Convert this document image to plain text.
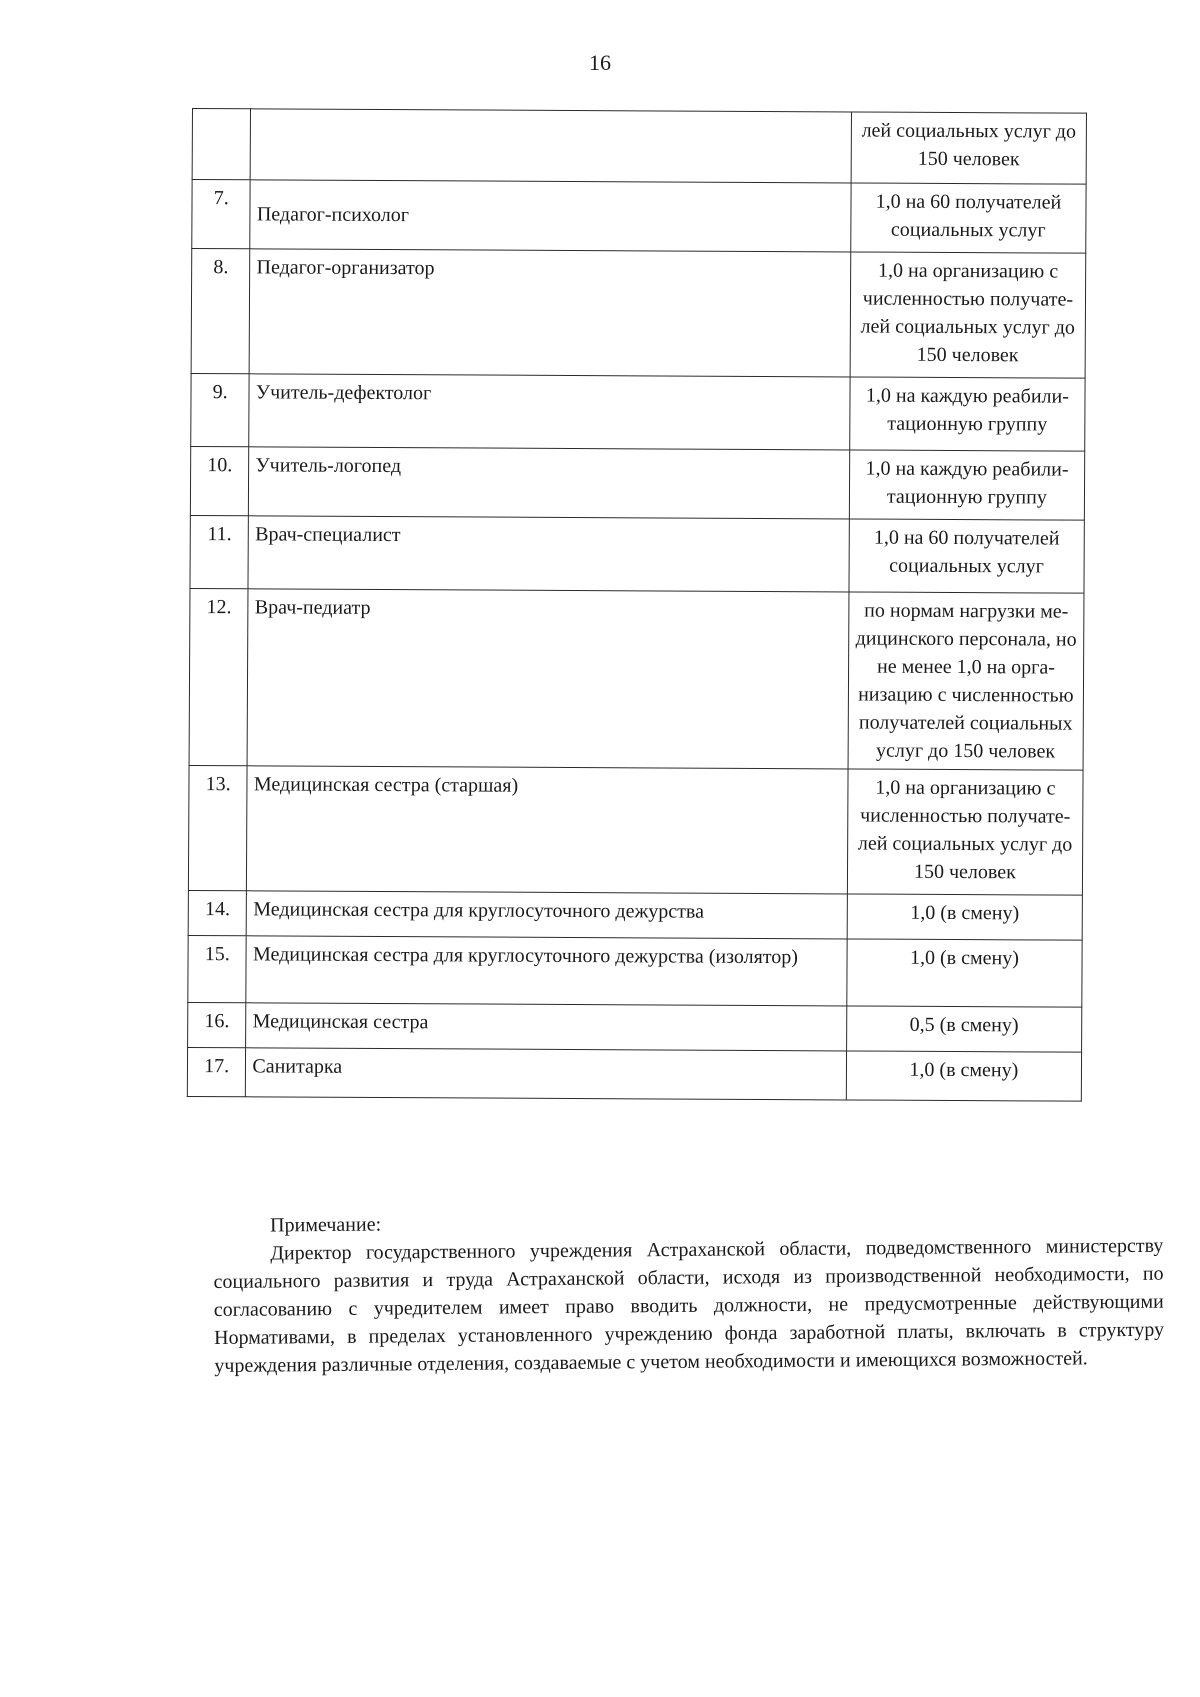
16
		лей социальных услуг до 150 человек
7.	Педагог-психолог	1,0 на 60 получателей социальных услуг
8.	Педагог-организатор	1,0 на организацию с численностью получате-лей социальных услуг до 150 человек
9.	Учитель-дефектолог	1,0 на каждую реабили-тационную группу
10.	Учитель-логопед	1,0 на каждую реабили-тационную группу
11.	Врач-специалист	1,0 на 60 получателей социальных услуг
12.	Врач-педиатр	по нормам нагрузки ме-дицинского персонала, но не менее 1,0 на орга-низацию с численностью получателей социальных услуг до 150 человек
13.	Медицинская сестра (старшая)	1,0 на организацию с численностью получате-лей социальных услуг до 150 человек
14.	Медицинская сестра для круглосуточного дежурства	1,0 (в смену)
15.	Медицинская сестра для круглосуточного дежурства (изолятор)	1,0 (в смену)
16.	Медицинская сестра	0,5 (в смену)
17.	Санитарка	1,0 (в смену)
Примечание:

Директор государственного учреждения Астраханской области, подведомственного министерству социального развития и труда Астраханской области, исходя из производственной необходимости, по согласованию с учредителем имеет право вводить должности, не предусмотренные действующими Нормативами, в пределах установленного учреждению фонда заработной платы, включать в структуру учреждения различные отделения, создаваемые с учетом необходимости и имеющихся возможностей.
